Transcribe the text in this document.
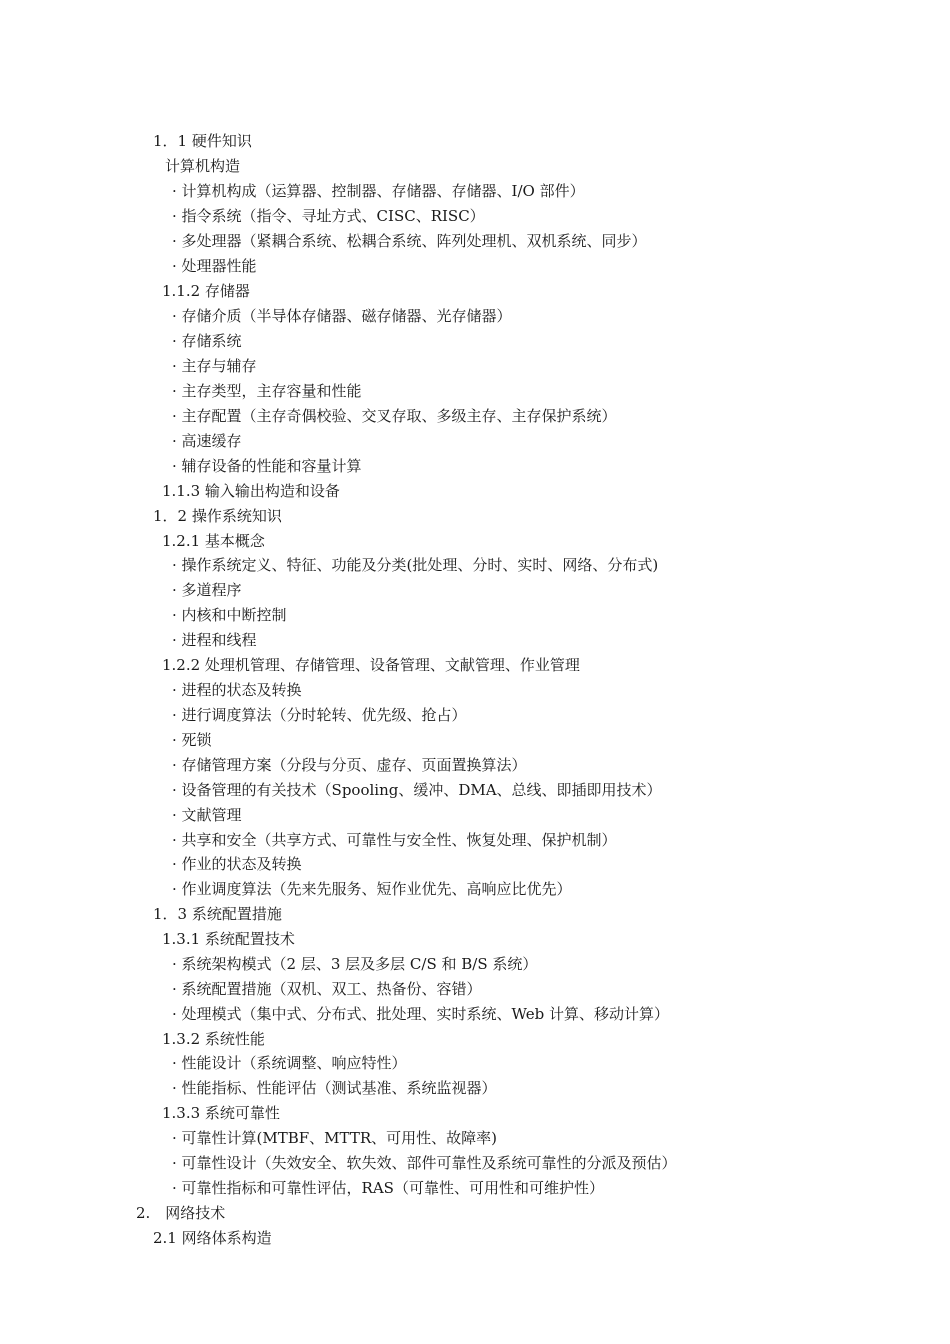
1．1 硬件知识
计算机构造
· 计算机构成（运算器、控制器、存储器、存储器、I/O 部件）
· 指令系统（指令、寻址方式、CISC、RISC）
· 多处理器（紧耦合系统、松耦合系统、阵列处理机、双机系统、同步）
· 处理器性能
1.1.2 存储器
· 存储介质（半导体存储器、磁存储器、光存储器）
· 存储系统
· 主存与辅存
· 主存类型，主存容量和性能
· 主存配置（主存奇偶校验、交叉存取、多级主存、主存保护系统）
· 高速缓存
· 辅存设备的性能和容量计算
1.1.3 输入输出构造和设备
1．2 操作系统知识
1.2.1 基本概念
· 操作系统定义、特征、功能及分类(批处理、分时、实时、网络、分布式)
· 多道程序
· 内核和中断控制
· 进程和线程
1.2.2 处理机管理、存储管理、设备管理、文献管理、作业管理
· 进程的状态及转换
· 进行调度算法（分时轮转、优先级、抢占）
· 死锁
· 存储管理方案（分段与分页、虚存、页面置换算法）
· 设备管理的有关技术（Spooling、缓冲、DMA、总线、即插即用技术）
· 文献管理
· 共享和安全（共享方式、可靠性与安全性、恢复处理、保护机制）
· 作业的状态及转换
· 作业调度算法（先来先服务、短作业优先、高响应比优先）
1．3 系统配置措施
1.3.1 系统配置技术
· 系统架构模式（2 层、3 层及多层 C/S 和 B/S 系统）
· 系统配置措施（双机、双工、热备份、容错）
· 处理模式（集中式、分布式、批处理、实时系统、Web 计算、移动计算）
1.3.2 系统性能
· 性能设计（系统调整、响应特性）
· 性能指标、性能评估（测试基准、系统监视器）
1.3.3 系统可靠性
· 可靠性计算(MTBF、MTTR、可用性、故障率)
· 可靠性设计（失效安全、软失效、部件可靠性及系统可靠性的分派及预估）
· 可靠性指标和可靠性评估，RAS（可靠性、可用性和可维护性）
2.　网络技术
2.1 网络体系构造
